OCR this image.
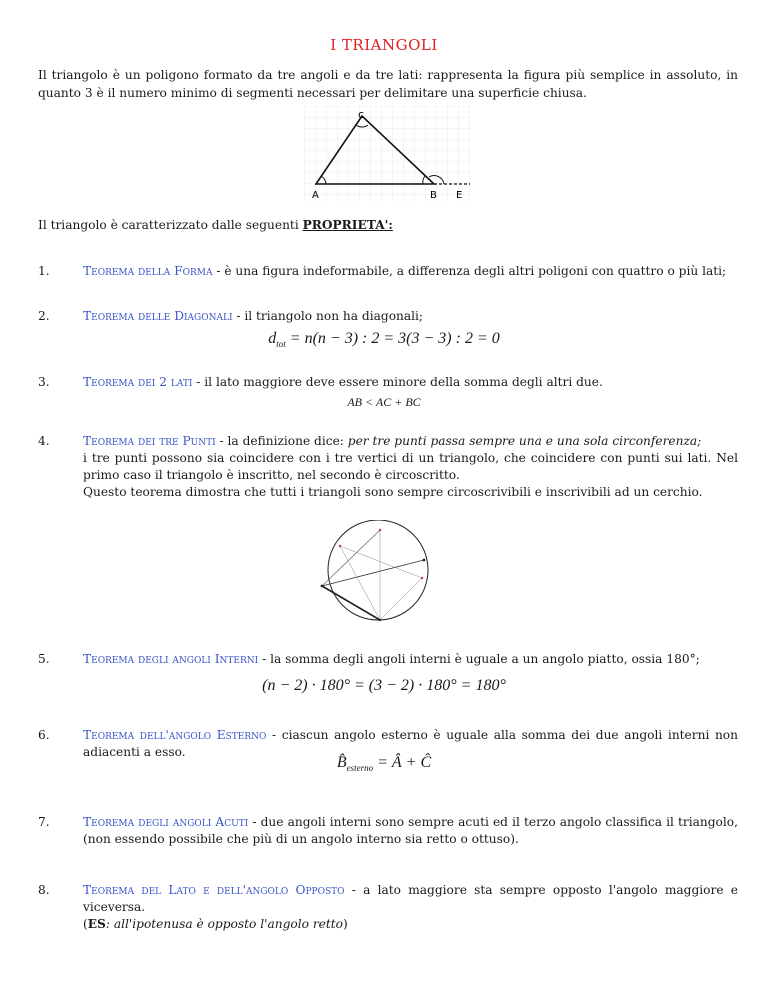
I TRIANGOLI
Il triangolo è un poligono formato da tre angoli e da tre lati: rappresenta la figura più semplice in assoluto, in quanto 3 è il numero minimo di segmenti necessari per delimitare una superficie chiusa.
c
A	B E
Il triangolo è caratterizzato dalle seguenti PROPRIETA':
1.	Teorema della Forma - è una figura indeformabile, a differenza degli altri poligoni con quattro o più lati;
2.	Teorema delle Diagonali - il triangolo non ha diagonali;
$d_{tot} = n(n - 3)$ : 2 = 3(3 − 3) : 2 = 0
3.	Teorema dei 2 lati - il lato maggiore deve essere minore della somma degli altri due.
AB < AC + BC
4.	Teorema dei tre Punti - la definizione dice: per tre punti passa sempre una e una sola circonferenza;
i tre punti possono sia coincidere con i tre vertici di un triangolo, che coincidere con punti sui lati. Nel primo caso il triangolo è inscritto, nel secondo è circoscritto.
Questo teorema dimostra che tutti i triangoli sono sempre circoscrivibili e inscrivibili ad un cerchio.
5.	Teorema degli angoli Interni - la somma degli angoli interni è uguale a un angolo piatto, ossia 180°;
(n − 2) · 180° = (3 − 2) · 180° = 180°
6.	Teorema dell'angolo Esterno - ciascun angolo esterno è uguale alla somma dei due angoli interni non adiacenti a esso.
$B̂_{esterno}$ = Â + Ĉ
7.	Teorema degli angoli Acuti - due angoli interni sono sempre acuti ed il terzo angolo classifica il triangolo, (non essendo possibile che più di un angolo interno sia retto o ottuso).
8.	Teorema del Lato e dell'angolo Opposto - a lato maggiore sta sempre opposto l'angolo maggiore e viceversa.
(ES: all'ipotenusa è opposto l'angolo retto)
